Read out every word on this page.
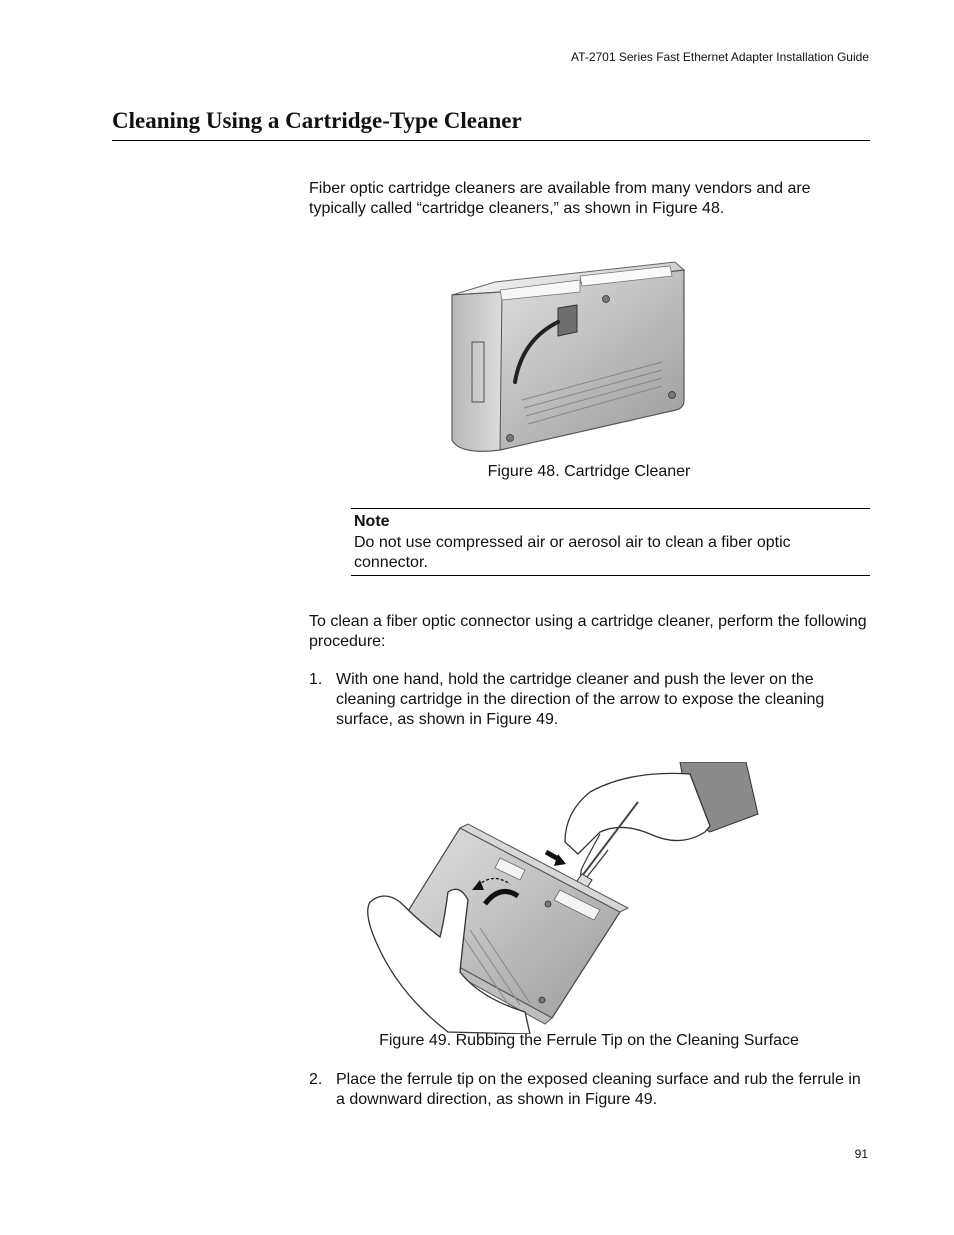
AT-2701 Series Fast Ethernet Adapter Installation Guide
Cleaning Using a Cartridge-Type Cleaner

Fiber optic cartridge cleaners are available from many vendors and are typically called “cartridge cleaners,” as shown in Figure 48.

Figure 48. Cartridge Cleaner
Note
Do not use compressed air or aerosol air to clean a fiber optic connector.

To clean a fiber optic connector using a cartridge cleaner, perform the following procedure:

1. With one hand, hold the cartridge cleaner and push the lever on the cleaning cartridge in the direction of the arrow to expose the cleaning surface, as shown in Figure 49.
Figure 49. Rubbing the Ferrule Tip on the Cleaning Surface
2. Place the ferrule tip on the exposed cleaning surface and rub the ferrule in a downward direction, as shown in Figure 49.
91
